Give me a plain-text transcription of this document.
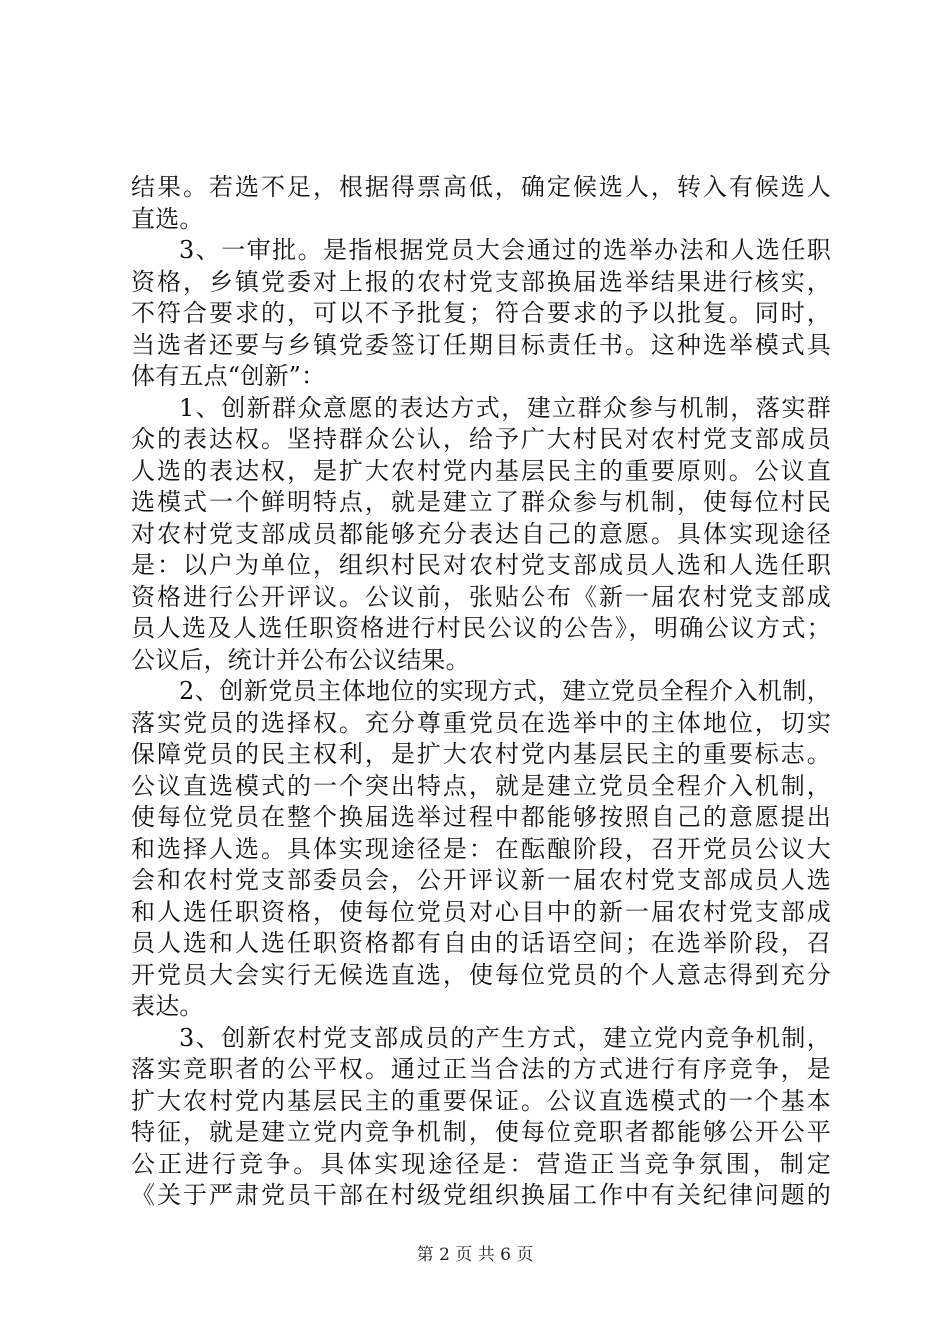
结果。若选不足，根据得票高低，确定候选人，转入有候选人
直选。
3、一审批。是指根据党员大会通过的选举办法和人选任职
资格，乡镇党委对上报的农村党支部换届选举结果进行核实，
不符合要求的，可以不予批复；符合要求的予以批复。同时，
当选者还要与乡镇党委签订任期目标责任书。这种选举模式具
体有五点“创新”：
1、创新群众意愿的表达方式，建立群众参与机制，落实群
众的表达权。坚持群众公认，给予广大村民对农村党支部成员
人选的表达权，是扩大农村党内基层民主的重要原则。公议直
选模式一个鲜明特点，就是建立了群众参与机制，使每位村民
对农村党支部成员都能够充分表达自己的意愿。具体实现途径
是：以户为单位，组织村民对农村党支部成员人选和人选任职
资格进行公开评议。公议前，张贴公布《新一届农村党支部成
员人选及人选任职资格进行村民公议的公告》，明确公议方式；
公议后，统计并公布公议结果。
2、创新党员主体地位的实现方式，建立党员全程介入机制，
落实党员的选择权。充分尊重党员在选举中的主体地位，切实
保障党员的民主权利，是扩大农村党内基层民主的重要标志。
公议直选模式的一个突出特点，就是建立党员全程介入机制，
使每位党员在整个换届选举过程中都能够按照自己的意愿提出
和选择人选。具体实现途径是：在酝酿阶段，召开党员公议大
会和农村党支部委员会，公开评议新一届农村党支部成员人选
和人选任职资格，使每位党员对心目中的新一届农村党支部成
员人选和人选任职资格都有自由的话语空间；在选举阶段，召
开党员大会实行无候选直选，使每位党员的个人意志得到充分
表达。
3、创新农村党支部成员的产生方式，建立党内竞争机制，
落实竞职者的公平权。通过正当合法的方式进行有序竞争，是
扩大农村党内基层民主的重要保证。公议直选模式的一个基本
特征，就是建立党内竞争机制，使每位竞职者都能够公开公平
公正进行竞争。具体实现途径是：营造正当竞争氛围，制定
《关于严肃党员干部在村级党组织换届工作中有关纪律问题的
第 2 页 共 6 页
